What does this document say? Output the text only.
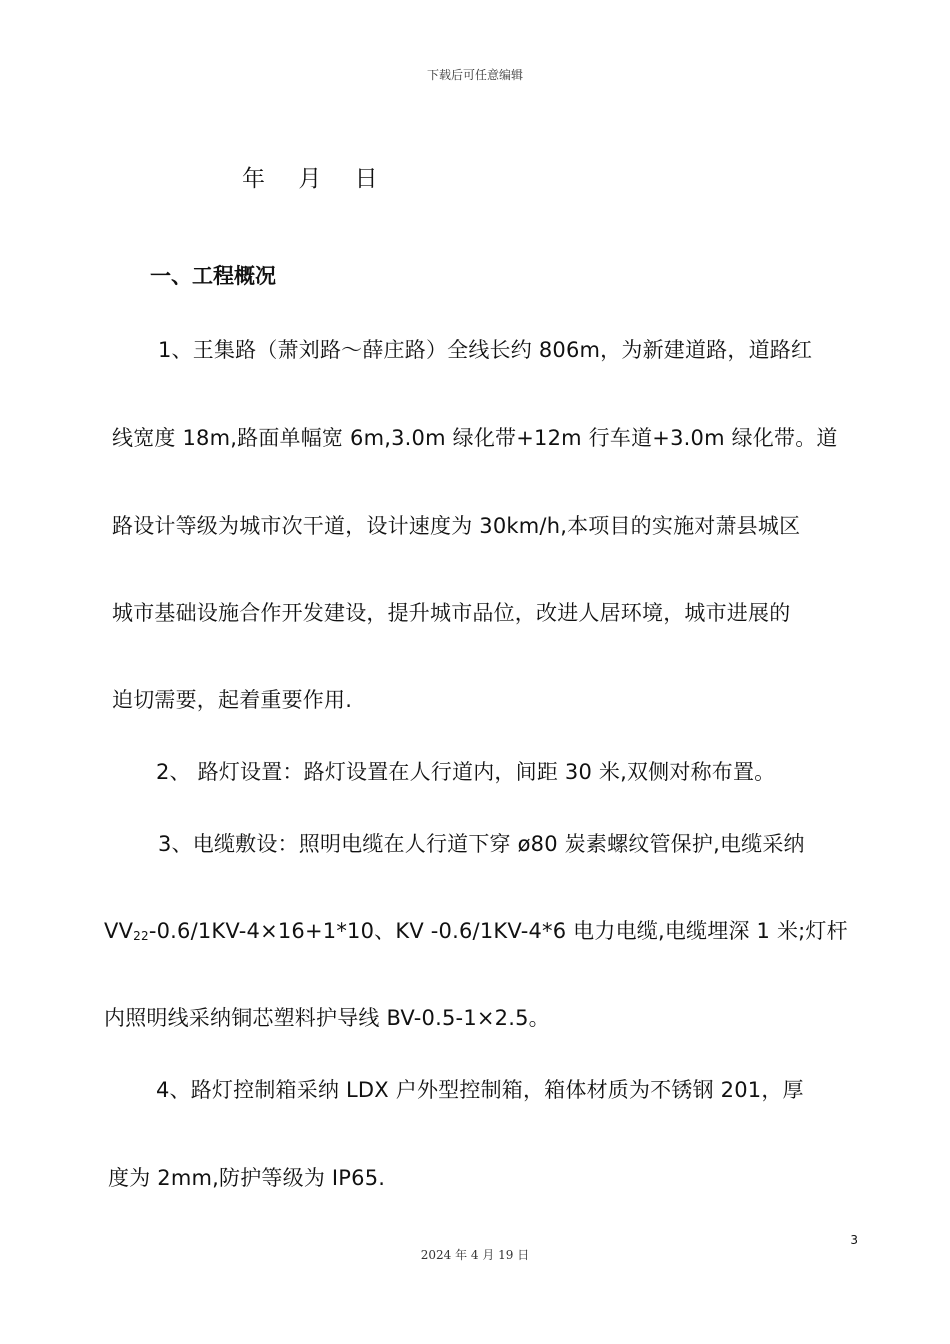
下载后可任意编辑
年 月 日
一、工程概况
1、王集路（萧刘路～薛庄路）全线长约 806m，为新建道路，道路红
线宽度 18m,路面单幅宽 6m,3.0m 绿化带+12m 行车道+3.0m 绿化带。道
路设计等级为城市次干道，设计速度为 30km/h,本项目的实施对萧县城区
城市基础设施合作开发建设，提升城市品位，改进人居环境，城市进展的
迫切需要，起着重要作用.
2、 路灯设置：路灯设置在人行道内，间距 30 米,双侧对称布置。
3、电缆敷设：照明电缆在人行道下穿 ø80 炭素螺纹管保护,电缆采纳
$VV_{22}-0.6/1KV-4\times 16+1*10$、KV -0.6/1KV-4*6 电力电缆,电缆埋深 1 米;灯杆
内照明线采纳铜芯塑料护导线 BV-0.5-1×2.5。
4、路灯控制箱采纳 LDX 户外型控制箱，箱体材质为不锈钢 201，厚
度为 2mm,防护等级为 IP65.
3
2024 年 4 月 19 日
